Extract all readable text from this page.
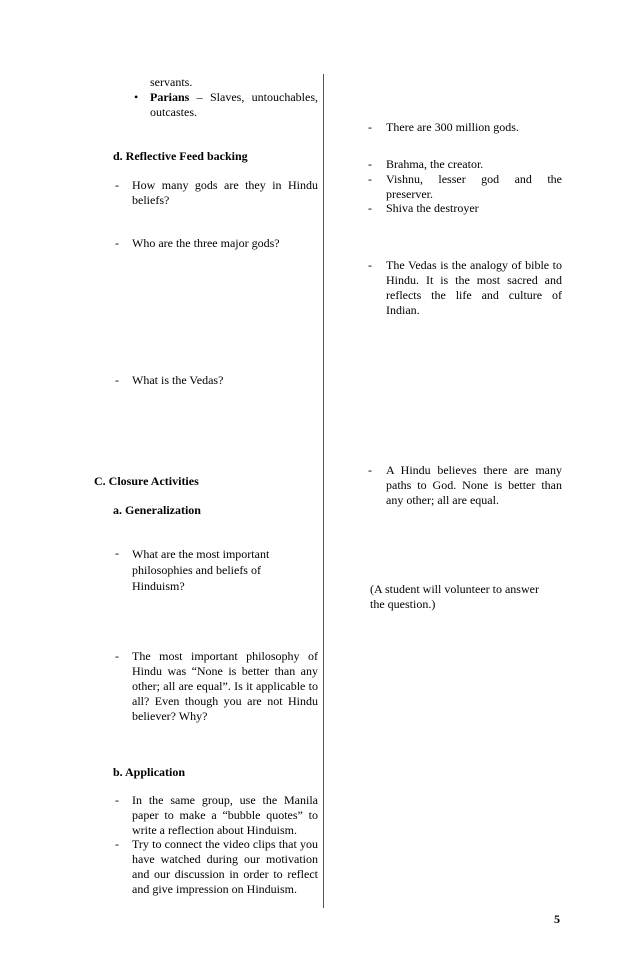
servants.
• Parians – Slaves, untouchables, outcastes.
d. Reflective Feed backing
- How many gods are they in Hindu beliefs?
- Who are the three major gods?
- What is the Vedas?
C. Closure Activities
a. Generalization
- What are the most important philosophies and beliefs of Hinduism?
- The most important philosophy of Hindu was “None is better than any other; all are equal”. Is it applicable to all? Even though you are not Hindu believer? Why?
b. Application
- In the same group, use the Manila paper to make a “bubble quotes” to write a reflection about Hinduism.
- Try to connect the video clips that you have watched during our motivation and our discussion in order to reflect and give impression on Hinduism.
- There are 300 million gods.
- Brahma, the creator.
- Vishnu, lesser god and the preserver.
- Shiva the destroyer
- The Vedas is the analogy of bible to Hindu. It is the most sacred and reflects the life and culture of Indian.
- A Hindu believes there are many paths to God. None is better than any other; all are equal.
(A student will volunteer to answer the question.)
5
